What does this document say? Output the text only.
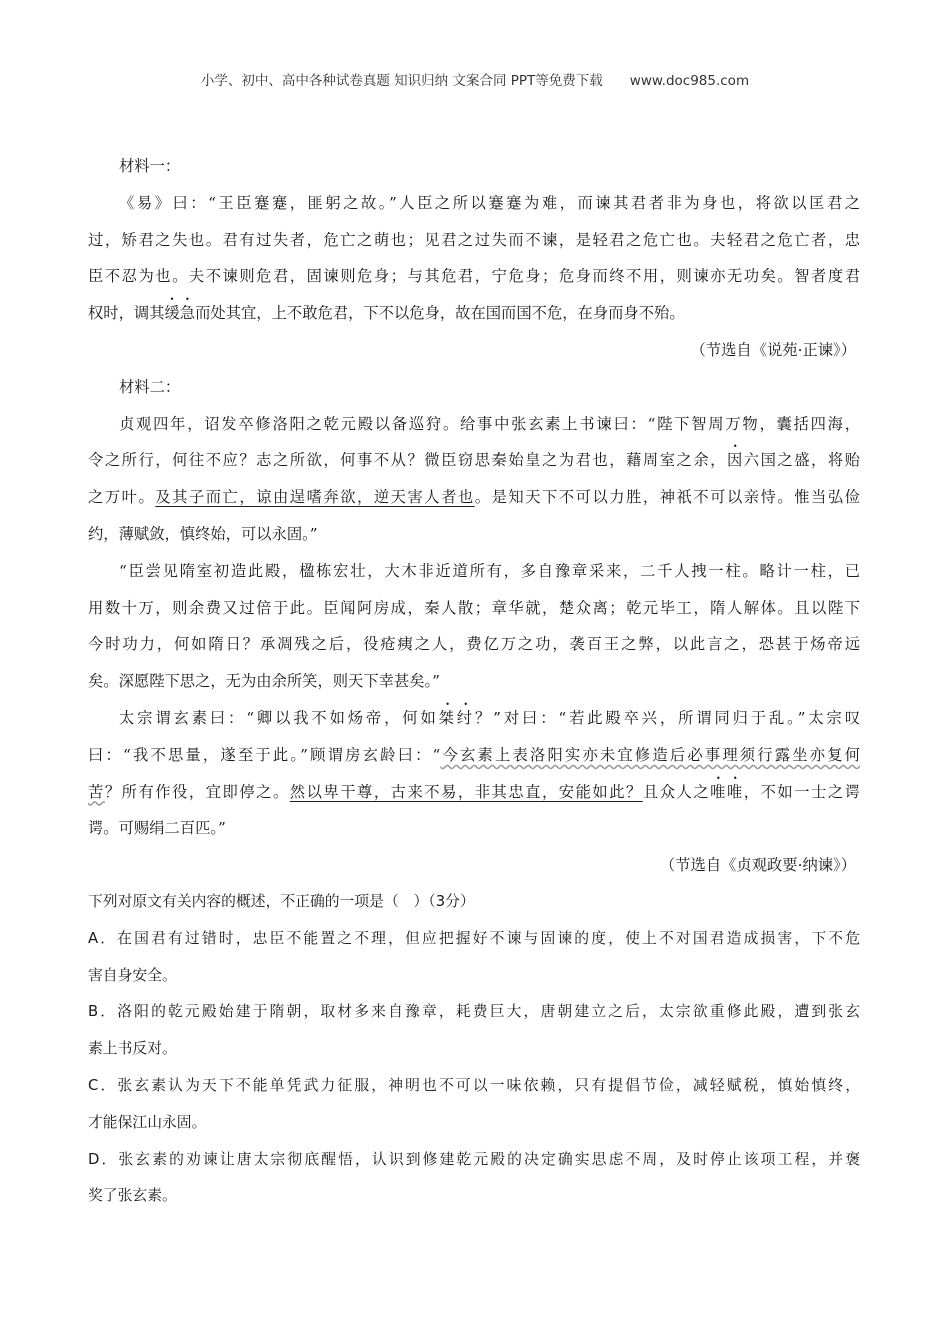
小学、初中、高中各种试卷真题 知识归纳 文案合同 PPT等免费下载　　www.doc985.com
材料一：
《易》曰：“王臣蹇蹇，匪躬之故。”人臣之所以蹇蹇为难，而谏其君者非为身也，将欲以匡君之
过，矫君之失也。君有过失者，危亡之萌也；见君之过失而不谏，是轻君之危亡也。夫轻君之危亡者，忠
臣不忍为也。夫不谏则危君，固谏则危身；与其危君，宁危身；危身而终不用，则谏亦无功矣。智者度君
权时，调其缓急而处其宜，上不敢危君，下不以危身，故在国而国不危，在身而身不殆。
（节选自《说苑·正谏》）
材料二：
贞观四年，诏发卒修洛阳之乾元殿以备巡狩。给事中张玄素上书谏曰：“陛下智周万物，囊括四海，
令之所行，何往不应？志之所欲，何事不从？微臣窃思秦始皇之为君也，藉周室之余，因六国之盛，将贻
之万叶。及其子而亡，谅由逞嗜奔欲，逆天害人者也。是知天下不可以力胜，神祇不可以亲恃。惟当弘俭
约，薄赋敛，慎终始，可以永固。”
“臣尝见隋室初造此殿，楹栋宏壮，大木非近道所有，多自豫章采来，二千人拽一柱。略计一柱，已
用数十万，则余费又过倍于此。臣闻阿房成，秦人散；章华就，楚众离；乾元毕工，隋人解体。且以陛下
今时功力，何如隋日？承凋残之后，役疮痍之人，费亿万之功，袭百王之弊，以此言之，恐甚于炀帝远
矣。深愿陛下思之，无为由余所笑，则天下幸甚矣。”
太宗谓玄素曰：“卿以我不如炀帝，何如桀纣？”对曰：“若此殿卒兴，所谓同归于乱。”太宗叹
曰：“我不思量，遂至于此。”顾谓房玄龄曰：“今玄素上表洛阳实亦未宜修造后必事理须行露坐亦复何
苦？所有作役，宜即停之。然以卑干尊，古来不易，非其忠直，安能如此？且众人之唯唯，不如一士之谔
谔。可赐绢二百匹。”
（节选自《贞观政要·纳谏》）
下列对原文有关内容的概述，不正确的一项是（　）（3分）
A．在国君有过错时，忠臣不能置之不理，但应把握好不谏与固谏的度，使上不对国君造成损害，下不危
害自身安全。
B．洛阳的乾元殿始建于隋朝，取材多来自豫章，耗费巨大，唐朝建立之后，太宗欲重修此殿，遭到张玄
素上书反对。
C．张玄素认为天下不能单凭武力征服，神明也不可以一味依赖，只有提倡节俭，减轻赋税，慎始慎终，
才能保江山永固。
D．张玄素的劝谏让唐太宗彻底醒悟，认识到修建乾元殿的决定确实思虑不周，及时停止该项工程，并褒
奖了张玄素。
